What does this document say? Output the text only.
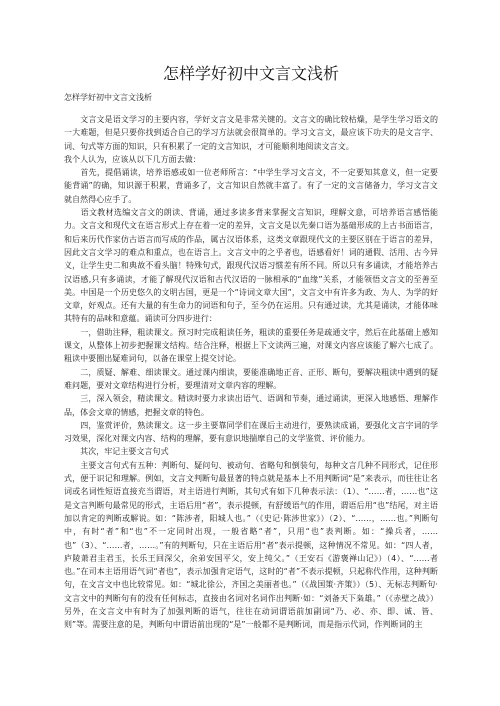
怎样学好初中文言文浅析
怎样学好初中文言文浅析

　　文言文是语文学习的主要内容，学好文言文是非常关键的。文言文的确比较枯燥，是学生学习语文的一大难题，但是只要你找到适合自己的学习方法就会很简单的。学习文言文，最应该下功夫的是文言字、词、句式等方面的知识，只有积累了一定的文言知识，才可能顺利地阅读文言文。

我个人认为，应该从以下几方面去做：

　　首先，提倡诵读，培养语感或如一位老师所言：“中学生学习文言文，不一定要知其意义，但一定要能背诵”的确，知识源于积累，背诵多了，文言知识自然就丰富了。有了一定的文言储备力，学习文言文就自然得心应手了。

　　语文教材选编文言文的朗读、背诵，通过多读多背来掌握文言知识，理解文意，可培养语言感悟能力。文言文和现代文在语言形式上存在着一定的差异，文言文是以先秦口语为基础形成的上古书面语言，和后来历代作家仿古语言而写成的作品，属古汉语体系，这类文章跟现代文的主要区别在于语言的差异，因此文言文学习的难点和重点，也在语言上。文言文中的之乎者也，语感看好！词的通假、活用、古今异义，让学生史二和典故不看头脑！特殊句式，跟现代汉语习惯差有所不同。所以只有多诵读，才能培养古汉语感,只有多诵读，才能了解现代汉语和古代汉语的一脉相承的“血缘”关系，才能领悟文言文的至善至美。中国是一个历史悠久的文明古国，更是一个“诗词文章大国”，文言文中有许多为政、为人、为学的好文章，好观点。还有大量的有生命力的词语和句子，至今仍在运用。只有通过读，尤其是诵读，才能体味其特有的品味和意蕴。诵读可分四步进行：

　　一，借助注释，粗读课文。预习时完成粗读任务，粗读的重要任务是疏通文字，然后在此基础上感知课文，从整体上初步把握课文结构。结合注释，根据上下文读两三遍，对课文内容应该能了解六七成了。粗读中要圈出疑难词句，以备在课堂上提交讨论。

　　二，质疑、解难、细读课文。通过课内细读，要能准确地正音、正形、断句，要解决粗读中遇到的疑难问题，要对文章结构进行分析，要理清对文章内容的理解。

　　三，深入领会，精读课文。精读时要力求读出语气、语调和节奏，通过诵读，更深入地感悟、理解作品，体会文章的情感，把握文章的特色。

　　四，鉴赏评价，熟读课文。这一步主要靠同学们在课后主动进行，要熟读成诵，要强化文言字词的学习效果，深化对课文内容、结构的理解，要有意识地揣摩自己的文学鉴赏、评价能力。

　　其次，牢记主要文言句式

　　主要文言句式有五种：判断句、疑问句、被动句、省略句和倒装句，每种文言几种不同形式，记住形式，便于识记和理解。例如，文言文判断句最显著的特点就是基本上不用判断词“是”来表示，而往往让名词或名词性短语直接充当谓语，对主语进行判断，其句式有如下几种表示法：（1）、“……者，……也”这是文言判断句最常见的形式，主语后用“者”，表示提顿，有舒缓语气的作用，谓语后用“也”结尾，对主语加以肯定的判断或解说。如：“陈涉者，阳城人也。”（《史记·陈涉世家》）（2）、“……，……也。”判断句中，有时“者”和“也”不一定同时出现，一般省略“者”，只用“也”表判断。如：“操兵者，……也”（3）、“……者，……。”有的判断句，只在主语后用“者”表示提顿，这种情况不常见。如：“四人者，庐陵萧君圭君玉，长乐王回深父，余弟安国平父，安上纯父。”（王安石《游褒禅山记》）（4）、“……者也。”在司本主语用语气词“者也”，表示加强肯定语气，这时的“者”不表示提顿，只起称代作用，这种判断句，在文言文中也比较常见。如：“城北徐公，齐国之美丽者也。”（《战国策·齐策》）（5）、无标志判断句·文言文中的判断句有的没有任何标志，直接由名词对名词作出判断·如：“刘备天下枭雄。”（《赤壁之战》）另外，在文言文中有时为了加强判断的语气，往往在动词谓语前加副词“乃、必、亦、即、诚、皆、则”等。需要注意的是，判断句中谓语前出现的“是”一般都不是判断词，而是指示代词，作判断词的主
